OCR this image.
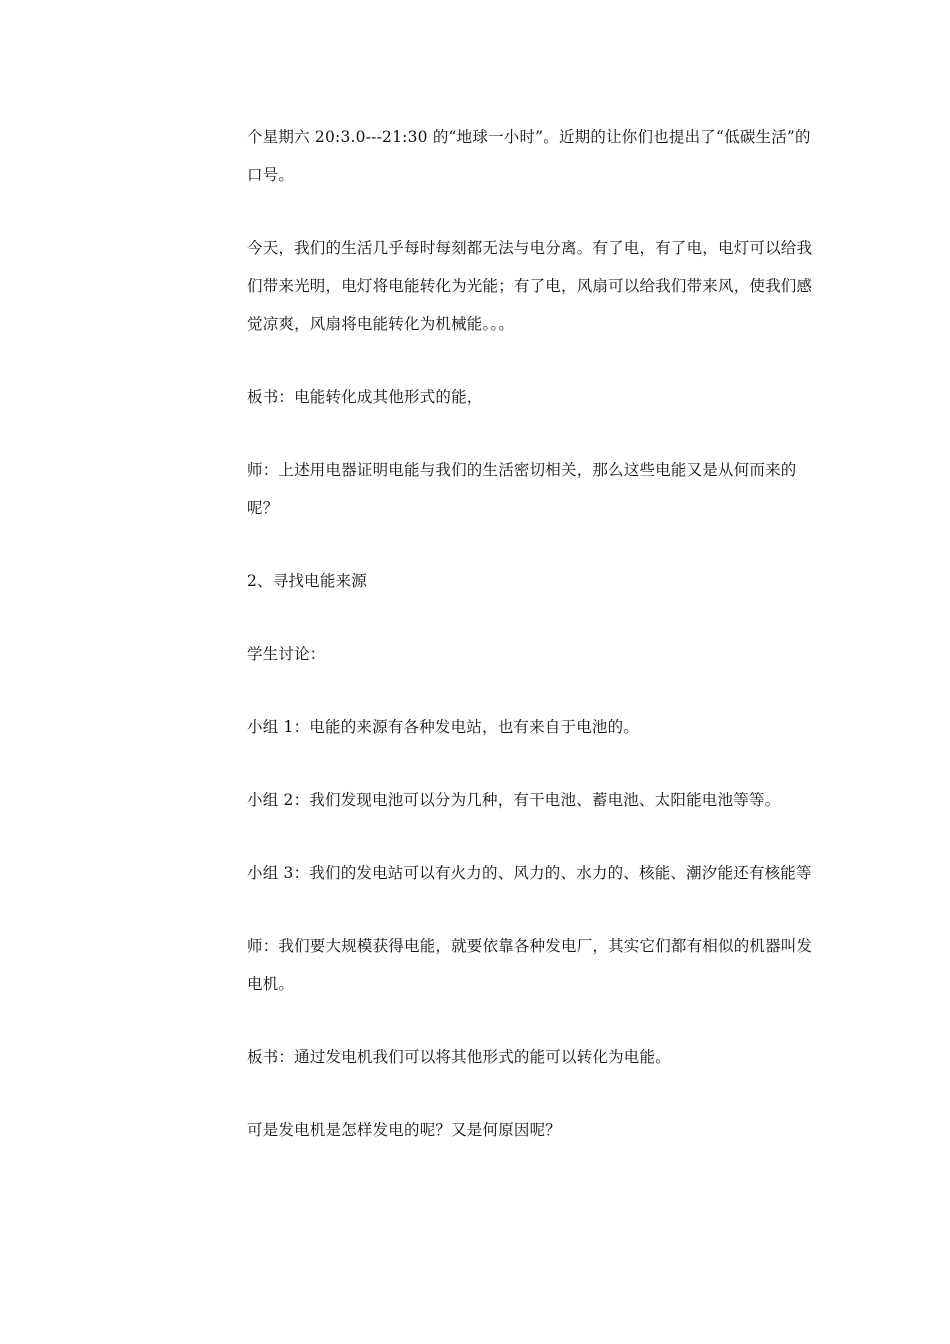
个星期六 20:3.0---21:30 的“地球一小时”。近期的让你们也提出了“低碳生活”的口号。

今天，我们的生活几乎每时每刻都无法与电分离。有了电，有了电，电灯可以给我们带来光明，电灯将电能转化为光能；有了电，风扇可以给我们带来风，使我们感觉凉爽，风扇将电能转化为机械能。。。

板书：电能转化成其他形式的能，

师：上述用电器证明电能与我们的生活密切相关，那么这些电能又是从何而来的呢？

2、寻找电能来源

学生讨论：

小组 1：电能的来源有各种发电站，也有来自于电池的。

小组 2：我们发现电池可以分为几种，有干电池、蓄电池、太阳能电池等等。

小组 3：我们的发电站可以有火力的、风力的、水力的、核能、潮汐能还有核能等

师：我们要大规模获得电能，就要依靠各种发电厂，其实它们都有相似的机器叫发电机。

板书：通过发电机我们可以将其他形式的能可以转化为电能。

可是发电机是怎样发电的呢？又是何原因呢？
